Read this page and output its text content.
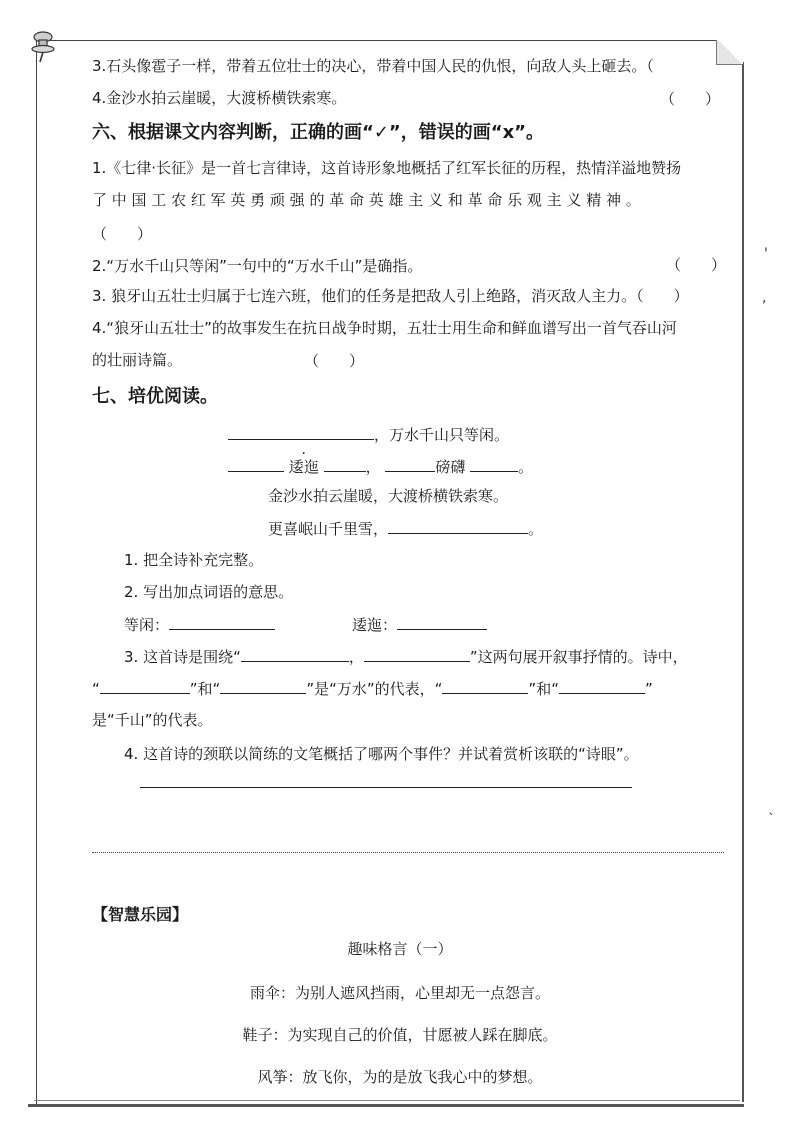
3.石头像雹子一样，带着五位壮士的决心，带着中国人民的仇恨，向敌人头上砸去。（
4.金沙水拍云崖暖，大渡桥横铁索寒。	（　　）
六、根据课文内容判断，正确的画“✓”，错误的画“x”。
1.《七律·长征》是一首七言律诗，这首诗形象地概括了红军长征的历程，热情洋溢地赞扬
了 中 国 工 农 红 军 英 勇 顽 强 的 革 命 英 雄 主 义 和 革 命 乐 观 主 义 精 神 。
（　　）
2.“万水千山只等闲”一句中的“万水千山”是确指。	（　　）
3. 狼牙山五壮士归属于七连六班，他们的任务是把敌人引上绝路，消灭敌人主力。（　　）
4.“狼牙山五壮士”的故事发生在抗日战争时期，五壮士用生命和鲜血谱写出一首气吞山河
的壮丽诗篇。	（　　）
七、培优阅读。
，万水千山只等闲。
逶迤	，	磅礴	。
金沙水拍云崖暖，大渡桥横铁索寒。
更喜岷山千里雪，	。
1. 把全诗补充完整。
2. 写出加点词语的意思。
等闲：	逶迤：
3. 这首诗是围绕“	，	”这两句展开叙事抒情的。诗中，
“	”和“	”是“万水”的代表，“	”和“	”
是“千山”的代表。
4. 这首诗的颈联以简练的文笔概括了哪两个事件？并试着赏析该联的“诗眼”。
【智慧乐园】
趣味格言（一）
雨伞：为别人遮风挡雨，心里却无一点怨言。
鞋子：为实现自己的价值，甘愿被人踩在脚底。
风筝：放飞你，为的是放飞我心中的梦想。
'
,
`
